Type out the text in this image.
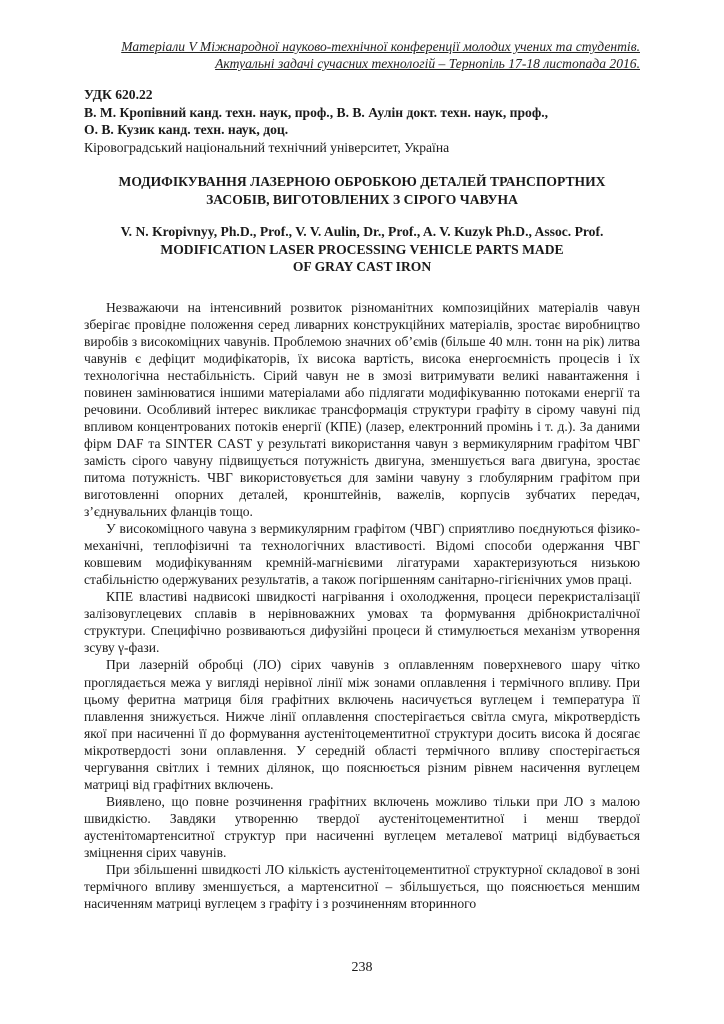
Матеріали V Міжнародної науково-технічної конференції молодих учених та студентів.
Актуальні задачі сучасних технологій – Тернопіль 17-18 листопада 2016.
УДК 620.22
В. М. Кропівний канд. техн. наук, проф., В. В. Аулін докт. техн. наук, проф.,
О. В. Кузик канд. техн. наук, доц.
Кіровоградський національний технічний університет, Україна
МОДИФІКУВАННЯ ЛАЗЕРНОЮ ОБРОБКОЮ ДЕТАЛЕЙ ТРАНСПОРТНИХ
ЗАСОБІВ, ВИГОТОВЛЕНИХ З СІРОГО ЧАВУНА
V. N. Kropivnyy, Ph.D., Prof., V. V. Aulin, Dr., Prof., A. V. Kuzyk Ph.D., Assoc. Prof.
MODIFICATION LASER PROCESSING VEHICLE PARTS MADE
OF GRAY CAST IRON

Незважаючи на інтенсивний розвиток різноманітних композиційних матеріалів чавун зберігає провідне положення серед ливарних конструкційних матеріалів, зростає виробництво виробів з високоміцних чавунів. Проблемою значних об’ємів (більше 40 млн. тонн на рік) литва чавунів є дефіцит модифікаторів, їх висока вартість, висока енергоємність процесів і їх технологічна нестабільність. Сірий чавун не в змозі витримувати великі навантаження і повинен замінюватися іншими матеріалами або підлягати модифікуванню потоками енергії та речовини. Особливий інтерес викликає трансформація структури графіту в сірому чавуні під впливом концентрованих потоків енергії (КПЕ) (лазер, електронний промінь і т. д.). За даними фірм DAF та SINTER CAST у результаті використання чавун з вермикулярним графітом ЧВГ замість сірого чавуну підвищується потужність двигуна, зменшується вага двигуна, зростає питома потужність. ЧВГ використовується для заміни чавуну з глобулярним графітом при виготовленні опорних деталей, кронштейнів, важелів, корпусів зубчатих передач, з’єднувальних фланців тощо.

У високоміцного чавуна з вермикулярним графітом (ЧВГ) сприятливо поєднуються фізико-механічні, теплофізичні та технологічних властивості. Відомі способи одержання ЧВГ ковшевим модифікуванням кремній-магнієвими лігатурами характеризуються низькою стабільністю одержуваних результатів, а також погіршенням санітарно-гігієнічних умов праці.

КПЕ властиві надвисокі швидкості нагрівання і охолодження, процеси перекристалізації залізовуглецевих сплавів в нерівноважних умовах та формування дрібнокристалічної структури. Специфічно розвиваються дифузійні процеси й стимулюється механізм утворення зсуву γ-фази.

При лазерній обробці (ЛО) сірих чавунів з оплавленням поверхневого шару чітко проглядається межа у вигляді нерівної лінії між зонами оплавлення і термічного впливу. При цьому феритна матриця біля графітних включень насичується вуглецем і температура її плавлення знижується. Нижче лінії оплавлення спостерігається світла смуга, мікротвердість якої при насиченні її до формування аустенітоцементитної структури досить висока й досягає мікротвердості зони оплавлення. У середній області термічного впливу спостерігається чергування світлих і темних ділянок, що пояснюється різним рівнем насичення вуглецем матриці від графітних включень.

Виявлено, що повне розчинення графітних включень можливо тільки при ЛО з малою швидкістю. Завдяки утворенню твердої аустенітоцементитної і менш твердої аустенітомартенситної структур при насиченні вуглецем металевої матриці відбувається зміцнення сірих чавунів.

При збільшенні швидкості ЛО кількість аустенітоцементитної структурної складової в зоні термічного впливу зменшується, а мартенситної – збільшується, що пояснюється меншим насиченням матриці вуглецем з графіту і з розчиненням вторинного

238
